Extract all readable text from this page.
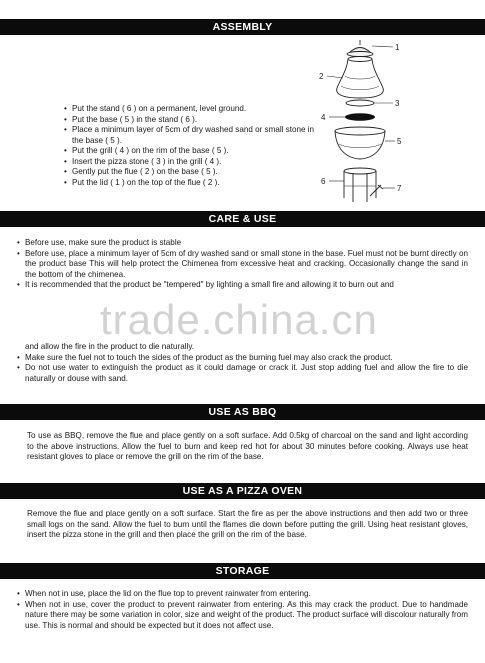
ASSEMBLY
• Put the stand ( 6 ) on a permanent, level ground.
• Put the base ( 5 ) in the stand ( 6 ).
• Place a minimum layer of 5cm of dry washed sand or small stone in the base ( 5 ).
• Put the grill ( 4 ) on the rim of the base ( 5 ).
• Insert the pizza stone ( 3 ) in the grill ( 4 ).
• Gently put the flue ( 2 ) on the base ( 5 ).
• Put the lid ( 1 ) on the top of the flue ( 2 ).
1
2
3
4
5
6
7
CARE & USE
• Before use, make sure the product is stable
• Before use, place a minimum layer of 5cm of dry washed sand or small stone in the base. Fuel must not be burnt directly on the product base This will help protect the Chimenea from excessive heat and cracking. Occasionally change the sand in the bottom of the chimenea.
• It is recommended that the product be "tempered" by lighting a small fire and allowing it to burn out and
trade.china.cn
and allow the fire in the product to die naturally.
• Make sure the fuel not to touch the sides of the product as the burning fuel may also crack the product.
• Do not use water to extinguish the product as it could damage or crack it. Just stop adding fuel and allow the fire to die naturally or douse with sand.
USE AS BBQ
To use as BBQ, remove the flue and place gently on a soft surface. Add 0.5kg of charcoal on the sand and light according to the above instructions. Allow the fuel to burn and keep red hot for about 30 minutes before cooking. Always use heat resistant gloves to place or remove the grill on the rim of the base.
USE AS A PIZZA OVEN
Remove the flue and place gently on a soft surface. Start the fire as per the above instructions and then add two or three small logs on the sand. Allow the fuel to burn until the flames die down before putting the grill. Using heat resistant gloves, insert the pizza stone in the grill and then place the grill on the rim of the base.
STORAGE
• When not in use, place the lid on the flue top to prevent rainwater from entering.
• When not in use, cover the product to prevent rainwater from entering. As this may crack the product. Due to handmade nature there may be some variation in color, size and weight of the product. The product surface will discolour naturally from use. This is normal and should be expected but it does not affect use.
